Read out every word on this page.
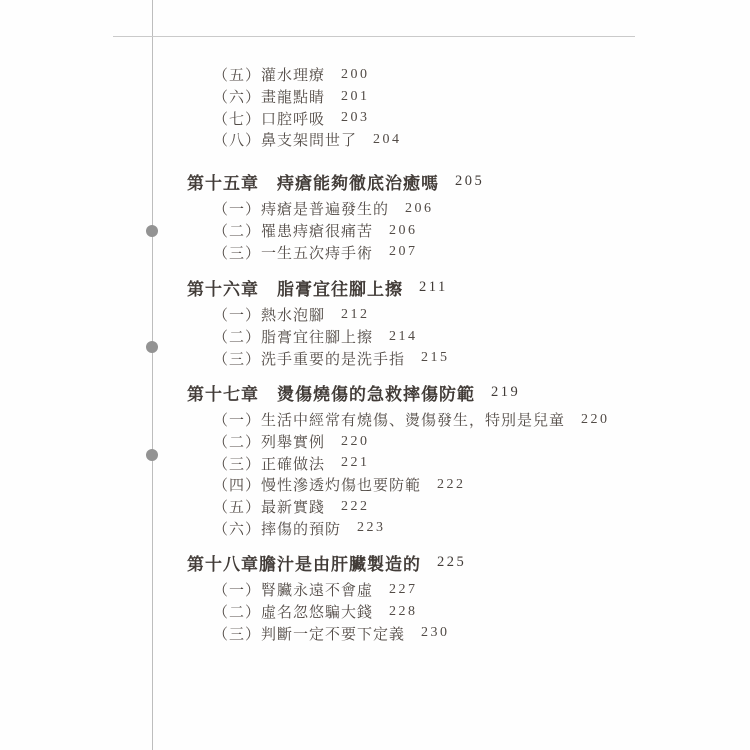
（五）灌水理療 200
（六）畫龍點睛 201
（七）口腔呼吸 203
（八）鼻支架問世了 204
第十五章　痔瘡能夠徹底治癒嗎 205
（一）痔瘡是普遍發生的 206
（二）罹患痔瘡很痛苦 206
（三）一生五次痔手術 207
第十六章　脂膏宜往腳上擦 211
（一）熱水泡腳 212
（二）脂膏宜往腳上擦 214
（三）洗手重要的是洗手指 215
第十七章　燙傷燒傷的急救摔傷防範 219
（一）生活中經常有燒傷、燙傷發生，特別是兒童 220
（二）列舉實例 220
（三）正確做法 221
（四）慢性滲透灼傷也要防範 222
（五）最新實踐 222
（六）摔傷的預防 223
第十八章膽汁是由肝臟製造的 225
（一）腎臟永遠不會虛 227
（二）虛名忽悠騙大錢 228
（三）判斷一定不要下定義 230
